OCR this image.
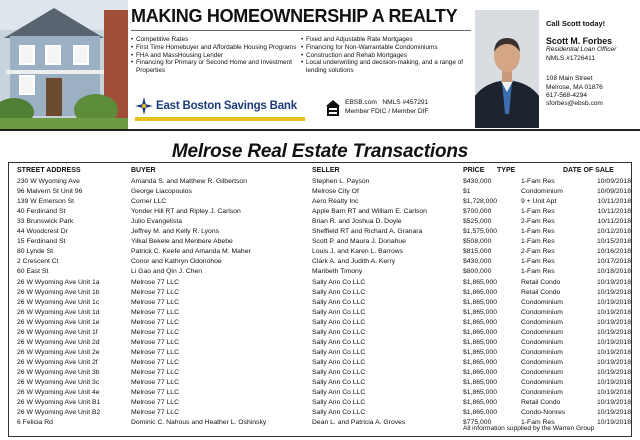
MAKING HOMEOWNERSHIP A REALTY
• Competitive Rates
• First Time Homebuyer and Affordable Housing Programs
• FHA and MassHousing Lender
• Financing for Primary or Second Home and Investment Properties
• Fixed and Adjustable Rate Mortgages
• Financing for Non-Warrantable Condominiums
• Construction and Rehab Mortgages
• Local underwriting and decision-making, and a range of lending solutions
East Boston Savings Bank	EBSB.com NMLS #457291
Member FDIC / Member DIF
Call Scott today!
Scott M. Forbes
Residential Loan Officer
NMLS #1726411
108 Main Street
Melrose, MA 01876
617-568-4294
sforbes@ebsb.com
Melrose Real Estate Transactions
STREET ADDRESS	BUYER	SELLER	PRICE TYPE	DATE OF SALE
230 W Wyoming Ave	Amanda S. and Matthew R. Gilbertson	Stephen L. Payson	$430,000	1-Fam Res	10/09/2018
96 Malvern St Unit 96	George Liacopoulos	Melrose City Of	$1	Condominium	10/09/2018
139 W Emerson St	Corner LLC	Aero Realty Inc	$1,728,000	9 + Unit Apt	10/11/2018
40 Ferdinand St	Yonder Hill RT and Ripley J. Carlson	Apple Barn RT and William E. Carlson	$700,000	1-Fam Res	10/11/2018
33 Brunswick Park	Julio Evangelista	Brian R. and Joshua D. Doyle	$525,000	2-Fam Res	10/11/2018
44 Woodcrest Dr	Jeffrey M. and Kelly R. Lyons	Sheffield RT and Richard A. Granara	$1,575,000	1-Fam Res	10/12/2018
15 Ferdinand St	Yilkal Bekele and Menbere Abebe	Scott P. and Maura J. Donahue	$508,000	1-Fam Res	10/15/2018
80 Lynde St	Patrick C. Keefe and Amanda M. Maher	Louis J. and Karen L. Barrows	$815,000	2-Fam Res	10/16/2018
2 Crescent Ct	Conor and Kathryn Odonohoe	Clark A. and Judith A. Kerry	$430,000	1-Fam Res	10/17/2018
60 East St	Li Gao and Qin J. Chen	Maribeth Timony	$800,000	1-Fam Res	10/18/2018
26 W Wyoming Ave Unit 1a	Melrose 77 LLC	Sally Ann Co LLC	$1,865,000	Retail Condo	10/19/2018
26 W Wyoming Ave Unit 1b	Melrose 77 LLC	Sally Ann Co LLC	$1,865,000	Retail Condo	10/19/2018
26 W Wyoming Ave Unit 1c	Melrose 77 LLC	Sally Ann Co LLC	$1,865,000	Condominium	10/19/2018
26 W Wyoming Ave Unit 1d	Melrose 77 LLC	Sally Ann Co LLC	$1,865,000	Condominium	10/19/2018
26 W Wyoming Ave Unit 1e	Melrose 77 LLC	Sally Ann Co LLC	$1,865,000	Condominium	10/19/2018
26 W Wyoming Ave Unit 1f	Melrose 77 LLC	Sally Ann Co LLC	$1,865,000	Condominium	10/19/2018
26 W Wyoming Ave Unit 2d	Melrose 77 LLC	Sally Ann Co LLC	$1,865,000	Condominium	10/19/2018
26 W Wyoming Ave Unit 2e	Melrose 77 LLC	Sally Ann Co LLC	$1,865,000	Condominium	10/19/2018
26 W Wyoming Ave Unit 2f	Melrose 77 LLC	Sally Ann Co LLC	$1,865,000	Condominium	10/19/2018
26 W Wyoming Ave Unit 3b	Melrose 77 LLC	Sally Ann Co LLC	$1,865,000	Condominium	10/19/2018
26 W Wyoming Ave Unit 3c	Melrose 77 LLC	Sally Ann Co LLC	$1,865,000	Condominium	10/19/2018
26 W Wyoming Ave Unit 4e	Melrose 77 LLC	Sally Ann Co LLC	$1,865,000	Condominium	10/19/2018
26 W Wyoming Ave Unit B1	Melrose 77 LLC	Sally Ann Co LLC	$1,865,000	Retail Condo	10/19/2018
26 W Wyoming Ave Unit B2	Melrose 77 LLC	Sally Ann Co LLC	$1,865,000	Condo-Nonres	10/19/2018
6 Felicia Rd	Dominic C. Nahous and Heather L. Oshinsky	Dean L. and Patricia A. Groves	$775,000	1-Fam Res	10/19/2018
All information supplied by the Warren Group
